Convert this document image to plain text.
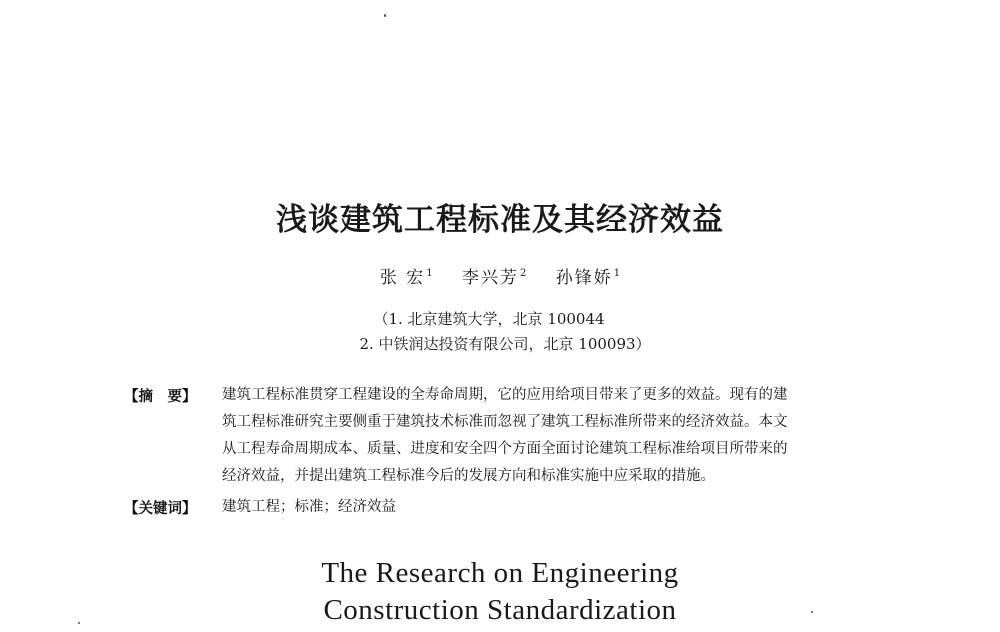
浅谈建筑工程标准及其经济效益
张 宏$^1$ 李兴芳$^2$ 孙锋娇$^1$
（1. 北京建筑大学，北京 100044
2. 中铁润达投资有限公司，北京 100093）
【摘　要】 建筑工程标准贯穿工程建设的全寿命周期，它的应用给项目带来了更多的效益。现有的建
筑工程标准研究主要侧重于建筑技术标准而忽视了建筑工程标准所带来的经济效益。本文
从工程寿命周期成本、质量、进度和安全四个方面全面讨论建筑工程标准给项目所带来的
经济效益，并提出建筑工程标准今后的发展方向和标准实施中应采取的措施。
【关键词】 建筑工程；标准；经济效益
The Research on Engineering
Construction Standardization
